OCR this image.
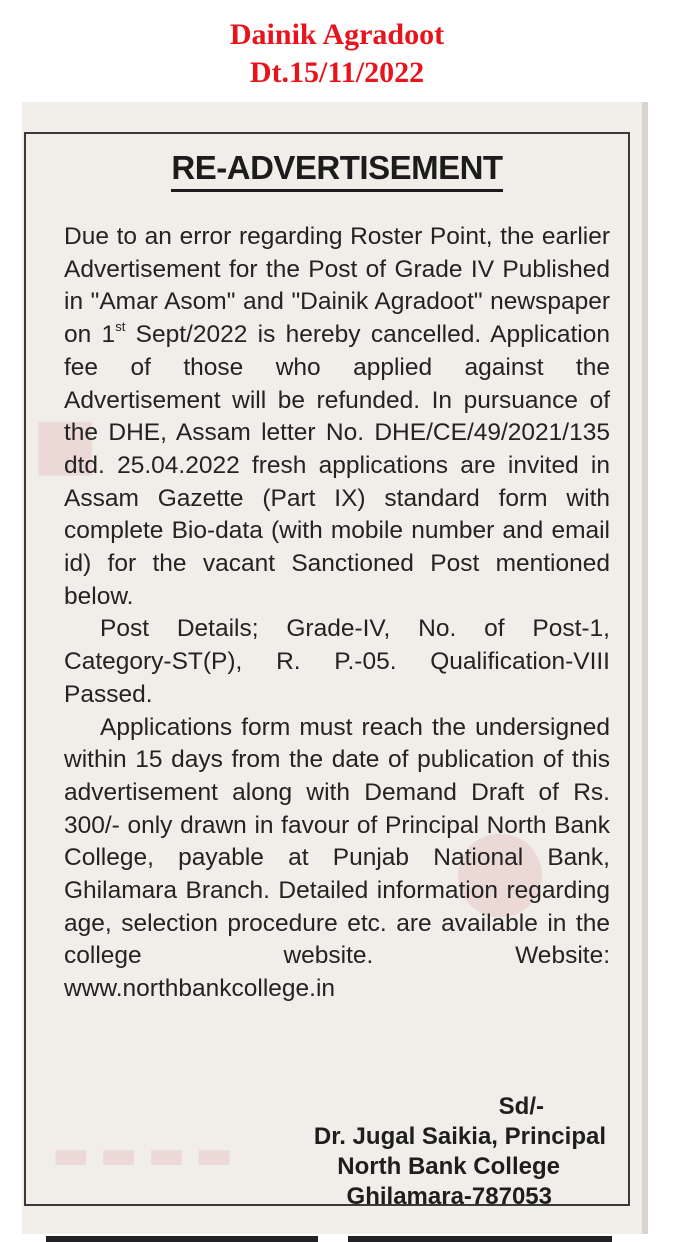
Dainik Agradoot
Dt.15/11/2022
■
●
▬▬▬▬
RE-ADVERTISEMENT

Due to an error regarding Roster Point, the earlier Advertisement for the Post of Grade IV Published in "Amar Asom" and "Dainik Agradoot" newspaper on 1st Sept/2022 is hereby cancelled. Application fee of those who applied against the Advertisement will be refunded. In pursuance of the DHE, Assam letter No. DHE/CE/49/2021/135 dtd. 25.04.2022 fresh applications are invited in Assam Gazette (Part IX) standard form with complete Bio-data (with mobile number and email id) for the vacant Sanctioned Post mentioned below.

Post Details; Grade-IV, No. of Post-1, Category-ST(P), R. P.-05. Qualification-VIII Passed.

Applications form must reach the undersigned within 15 days from the date of publication of this advertisement along with Demand Draft of Rs. 300/- only drawn in favour of Principal North Bank College, payable at Punjab National Bank, Ghilamara Branch. Detailed information regarding age, selection procedure etc. are available in the college website. Website: www.northbankcollege.in

Sd/-
Dr. Jugal Saikia, Principal
North Bank College
Ghilamara-787053
